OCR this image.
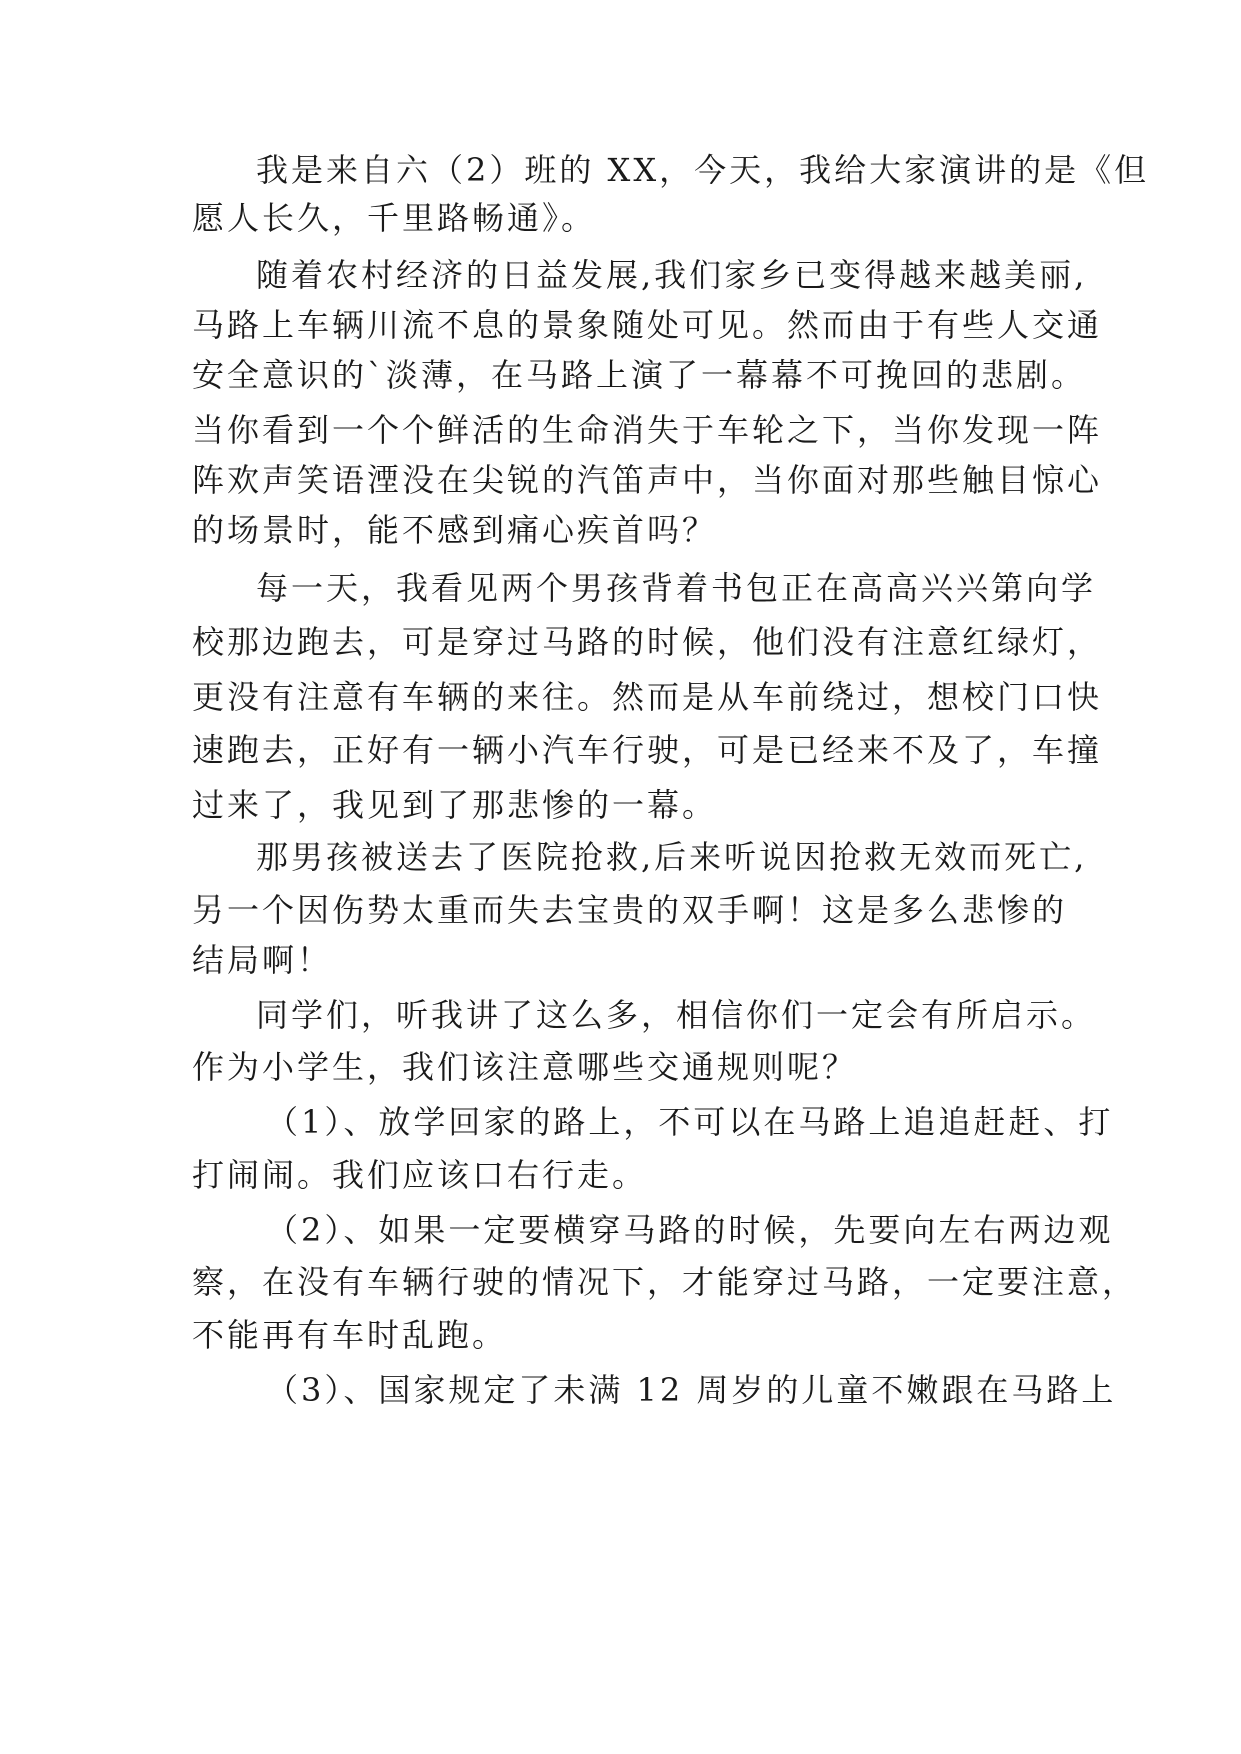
我是来自六（2）班的 XX，今天，我给大家演讲的是《但
愿人长久，千里路畅通》。
随着农村经济的日益发展,我们家乡已变得越来越美丽,
马路上车辆川流不息的景象随处可见。然而由于有些人交通
安全意识的`淡薄，在马路上演了一幕幕不可挽回的悲剧。
当你看到一个个鲜活的生命消失于车轮之下，当你发现一阵
阵欢声笑语湮没在尖锐的汽笛声中，当你面对那些触目惊心
的场景时，能不感到痛心疾首吗？
每一天，我看见两个男孩背着书包正在高高兴兴第向学
校那边跑去，可是穿过马路的时候，他们没有注意红绿灯，
更没有注意有车辆的来往。然而是从车前绕过，想校门口快
速跑去，正好有一辆小汽车行驶，可是已经来不及了，车撞
过来了，我见到了那悲惨的一幕。
那男孩被送去了医院抢救,后来听说因抢救无效而死亡,
另一个因伤势太重而失去宝贵的双手啊！这是多么悲惨的
结局啊！
同学们，听我讲了这么多，相信你们一定会有所启示。
作为小学生，我们该注意哪些交通规则呢？
（1）、放学回家的路上，不可以在马路上追追赶赶、打
打闹闹。我们应该口右行走。
（2）、如果一定要横穿马路的时候，先要向左右两边观
察，在没有车辆行驶的情况下，才能穿过马路，一定要注意，
不能再有车时乱跑。
（3）、国家规定了未满 12 周岁的儿童不嫩跟在马路上
